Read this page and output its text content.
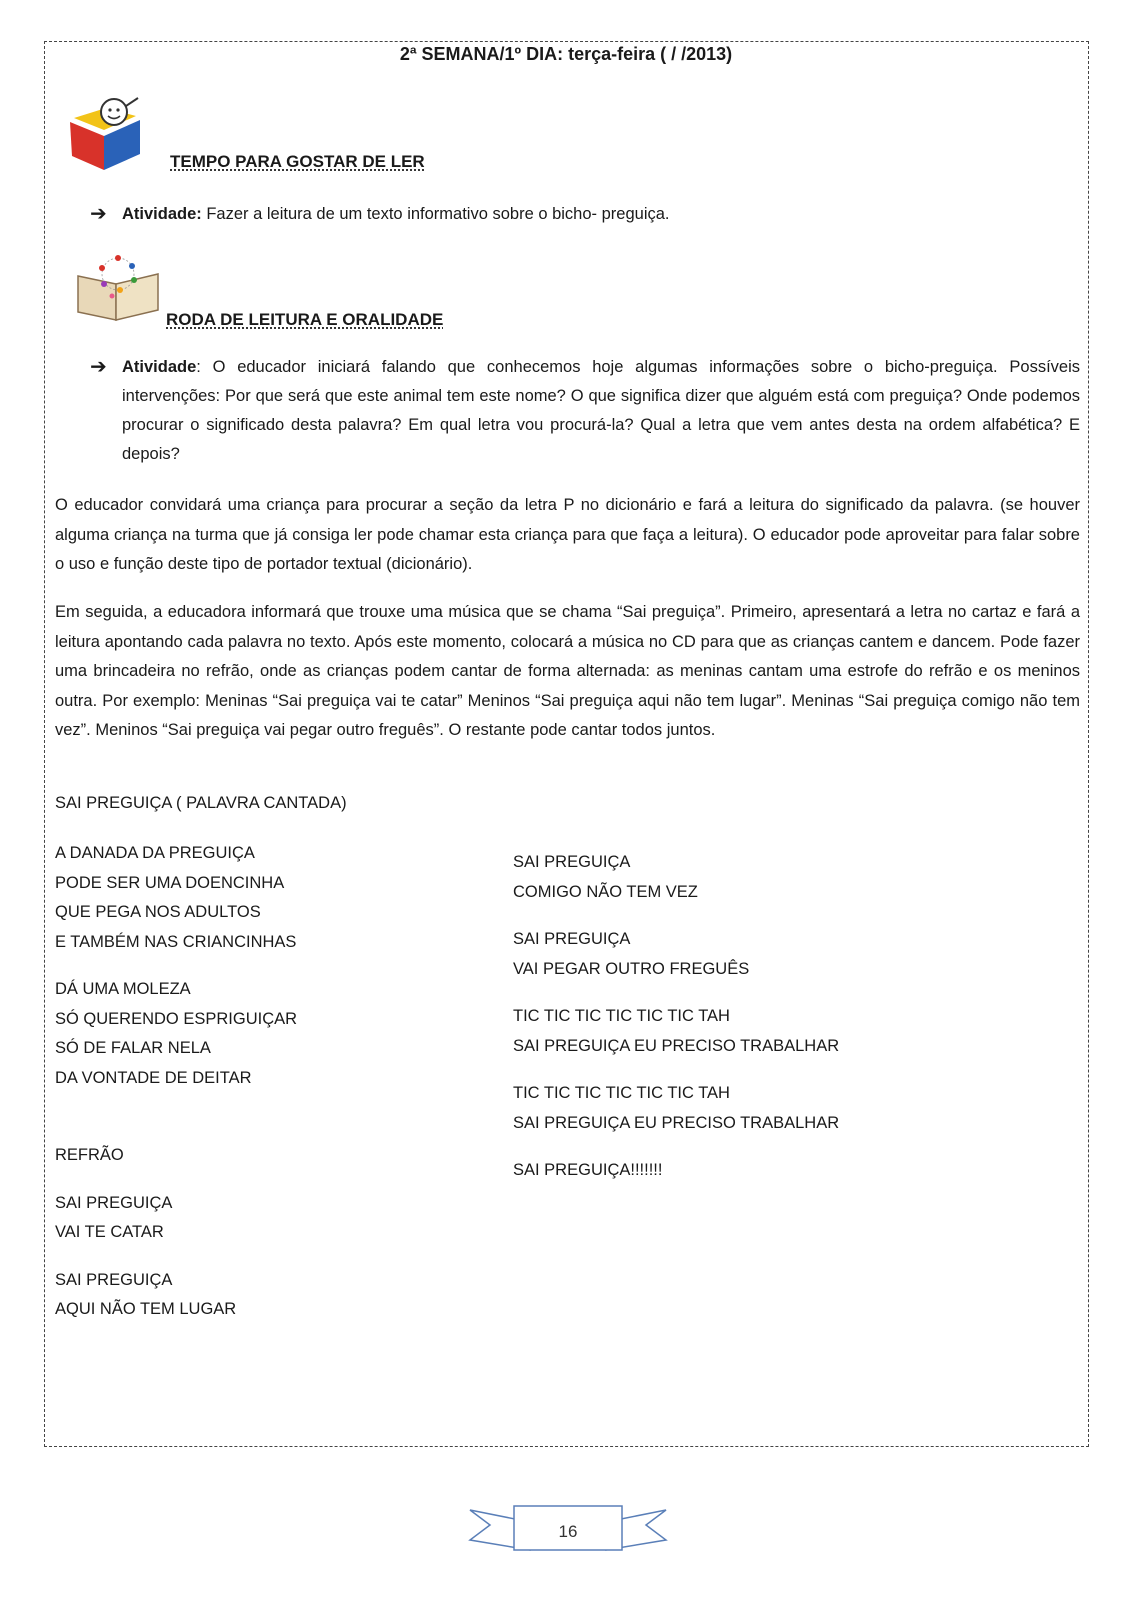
2ª SEMANA/1º DIA: terça-feira ( / /2013)
TEMPO PARA GOSTAR DE LER
➔ Atividade: Fazer a leitura de um texto informativo sobre o bicho- preguiça.
RODA DE LEITURA E ORALIDADE
➔ Atividade: O educador iniciará falando que conhecemos hoje algumas informações sobre o bicho-preguiça. Possíveis intervenções: Por que será que este animal tem este nome? O que significa dizer que alguém está com preguiça? Onde podemos procurar o significado desta palavra? Em qual letra vou procurá-la? Qual a letra que vem antes desta na ordem alfabética? E depois?

O educador convidará uma criança para procurar a seção da letra P no dicionário e fará a leitura do significado da palavra. (se houver alguma criança na turma que já consiga ler pode chamar esta criança para que faça a leitura). O educador pode aproveitar para falar sobre o uso e função deste tipo de portador textual (dicionário).

Em seguida, a educadora informará que trouxe uma música que se chama “Sai preguiça”. Primeiro, apresentará a letra no cartaz e fará a leitura apontando cada palavra no texto. Após este momento, colocará a música no CD para que as crianças cantem e dancem. Pode fazer uma brincadeira no refrão, onde as crianças podem cantar de forma alternada: as meninas cantam uma estrofe do refrão e os meninos outra. Por exemplo: Meninas “Sai preguiça vai te catar” Meninos “Sai preguiça aqui não tem lugar”. Meninas “Sai preguiça comigo não tem vez”. Meninos “Sai preguiça vai pegar outro freguês”. O restante pode cantar todos juntos.

SAI PREGUIÇA ( PALAVRA CANTADA)
A DANADA DA PREGUIÇA
PODE SER UMA DOENCINHA
QUE PEGA NOS ADULTOS
E TAMBÉM NAS CRIANCINHAS
DÁ UMA MOLEZA
SÓ QUERENDO ESPRIGUIÇAR
SÓ DE FALAR NELA
DA VONTADE DE DEITAR
REFRÃO
SAI PREGUIÇA
VAI TE CATAR
SAI PREGUIÇA
AQUI NÃO TEM LUGAR
SAI PREGUIÇA
COMIGO NÃO TEM VEZ
SAI PREGUIÇA
VAI PEGAR OUTRO FREGUÊS
TIC TIC TIC TIC TIC TIC TAH
SAI PREGUIÇA EU PRECISO TRABALHAR
TIC TIC TIC TIC TIC TIC TAH
SAI PREGUIÇA EU PRECISO TRABALHAR
SAI PREGUIÇA!!!!!!!
16
